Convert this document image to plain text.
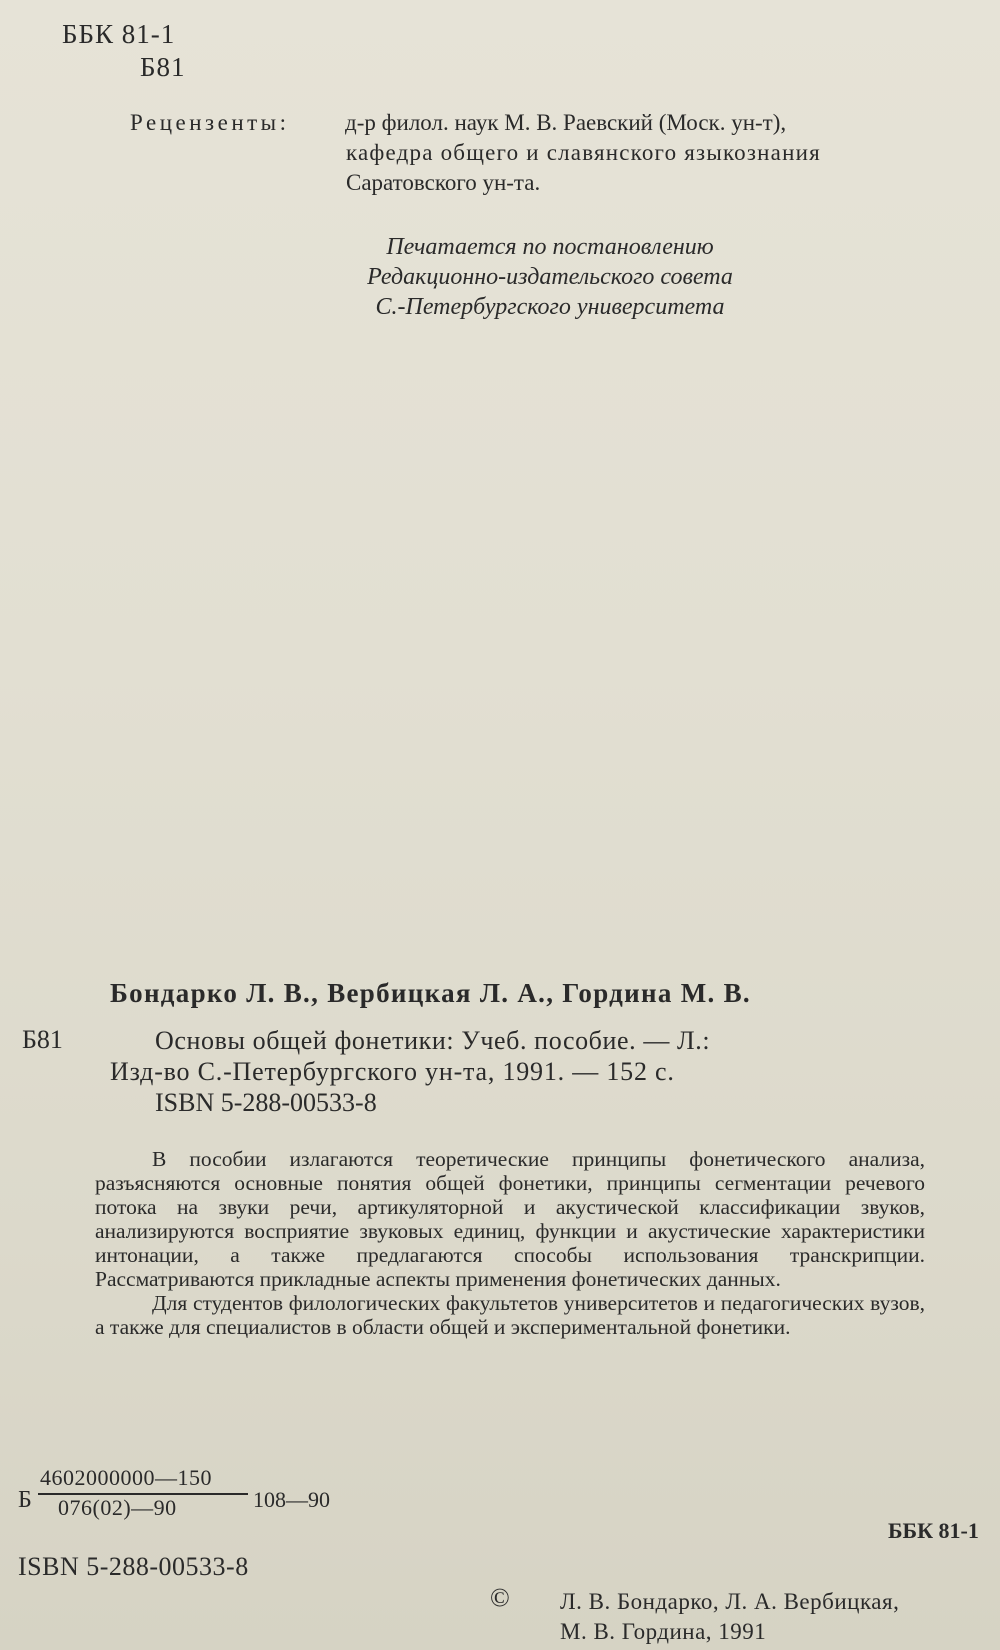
ББК 81-1
Б81
Рецензенты: д-р филол. наук М. В. Раевский (Моск. ун-т),
кафедра общего и славянского языкознания
Саратовского ун-та.
Печатается по постановлению
Редакционно-издательского совета
С.-Петербургского университета
Бондарко Л. В., Вербицкая Л. А., Гордина М. В.
Б81	Основы общей фонетики: Учеб. пособие. — Л.:
Изд-во С.-Петербургского ун-та, 1991. — 152 с.
ISBN 5-288-00533-8

В пособии излагаются теоретические принципы фонетического анализа, разъясняются основные понятия общей фонетики, принципы сегментации речевого потока на звуки речи, артикуляторной и акустической классификации звуков, анализируются восприятие звуковых единиц, функции и акустические характеристики интонации, а также предлагаются способы использования транскрипции. Рассматриваются прикладные аспекты применения фонетических данных.

Для студентов филологических факультетов университетов и педагогических вузов, а также для специалистов в области общей и экспериментальной фонетики.

Б
4602000000—150
076(02)—90	108—90
ISBN 5-288-00533-8
ББК 81-1
© Л. В. Бондарко, Л. А. Вербицкая,
М. В. Гордина, 1991
